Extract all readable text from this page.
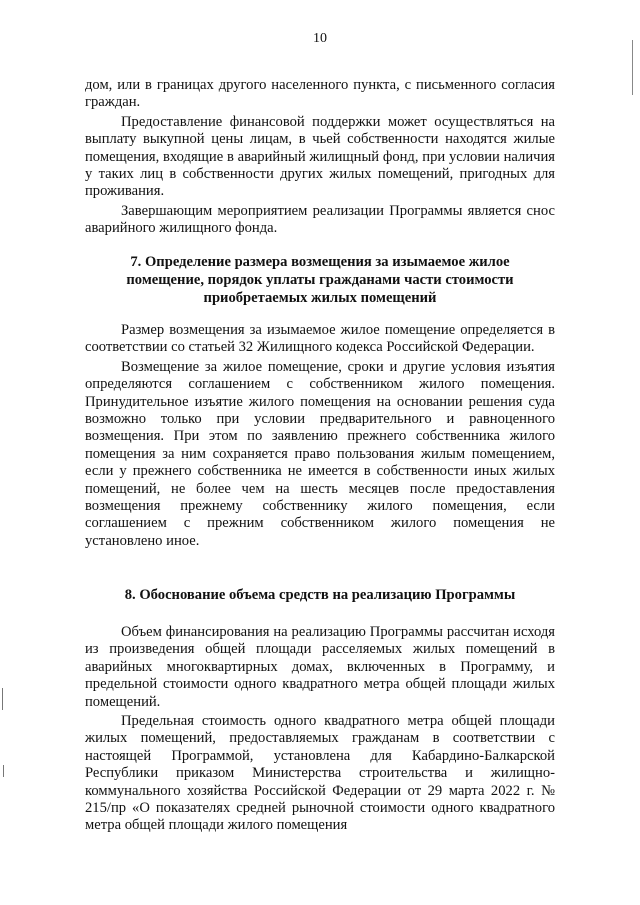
10

дом, или в границах другого населенного пункта, с письменного согласия граждан.

Предоставление финансовой поддержки может осуществляться на выплату выкупной цены лицам, в чьей собственности находятся жилые помещения, входящие в аварийный жилищный фонд, при условии наличия у таких лиц в собственности других жилых помещений, пригодных для проживания.

Завершающим мероприятием реализации Программы является снос аварийного жилищного фонда.

7. Определение размера возмещения за изымаемое жилое
помещение, порядок уплаты гражданами части стоимости
приобретаемых жилых помещений

Размер возмещения за изымаемое жилое помещение определяется в соответствии со статьей 32 Жилищного кодекса Российской Федерации.

Возмещение за жилое помещение, сроки и другие условия изъятия определяются соглашением с собственником жилого помещения. Принудительное изъятие жилого помещения на основании решения суда возможно только при условии предварительного и равноценного возмещения. При этом по заявлению прежнего собственника жилого помещения за ним сохраняется право пользования жилым помещением, если у прежнего собственника не имеется в собственности иных жилых помещений, не более чем на шесть месяцев после предоставления возмещения прежнему собственнику жилого помещения, если соглашением с прежним собственником жилого помещения не установлено иное.

8. Обоснование объема средств на реализацию Программы

Объем финансирования на реализацию Программы рассчитан исходя из произведения общей площади расселяемых жилых помещений в аварийных многоквартирных домах, включенных в Программу, и предельной стоимости одного квадратного метра общей площади жилых помещений.

Предельная стоимость одного квадратного метра общей площади жилых помещений, предоставляемых гражданам в соответствии с настоящей Программой, установлена для Кабардино-Балкарской Республики приказом Министерства строительства и жилищно-коммунального хозяйства Российской Федерации от 29 марта 2022 г. № 215/пр «О показателях средней рыночной стоимости одного квадратного метра общей площади жилого помещения
